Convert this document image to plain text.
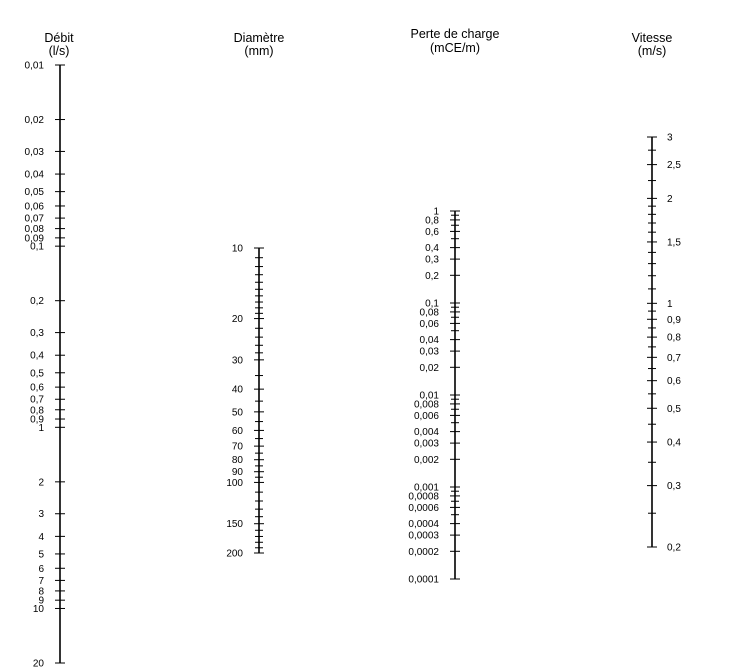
Débit
(l/s)
0,01
0,02
0,03
0,04
0,05
0,06
0,07
0,08
0,09
0,1
0,2
0,3
0,4
0,5
0,6
0,7
0,8
0,9
1
2
3
4
5
6
7
8
9
10
20
Diamètre
(mm)
10
20
30
40
50
60
70
80
90
100
150
200
Perte de charge
(mCE/m)
1
0,8
0,6
0,4
0,3
0,2
0,1
0,08
0,06
0,04
0,03
0,02
0,01
0,008
0,006
0,004
0,003
0,002
0,001
0,0008
0,0006
0,0004
0,0003
0,0002
0,0001
Vitesse
(m/s)
3
2,5
2
1,5
1
0,9
0,8
0,7
0,6
0,5
0,4
0,3
0,2
